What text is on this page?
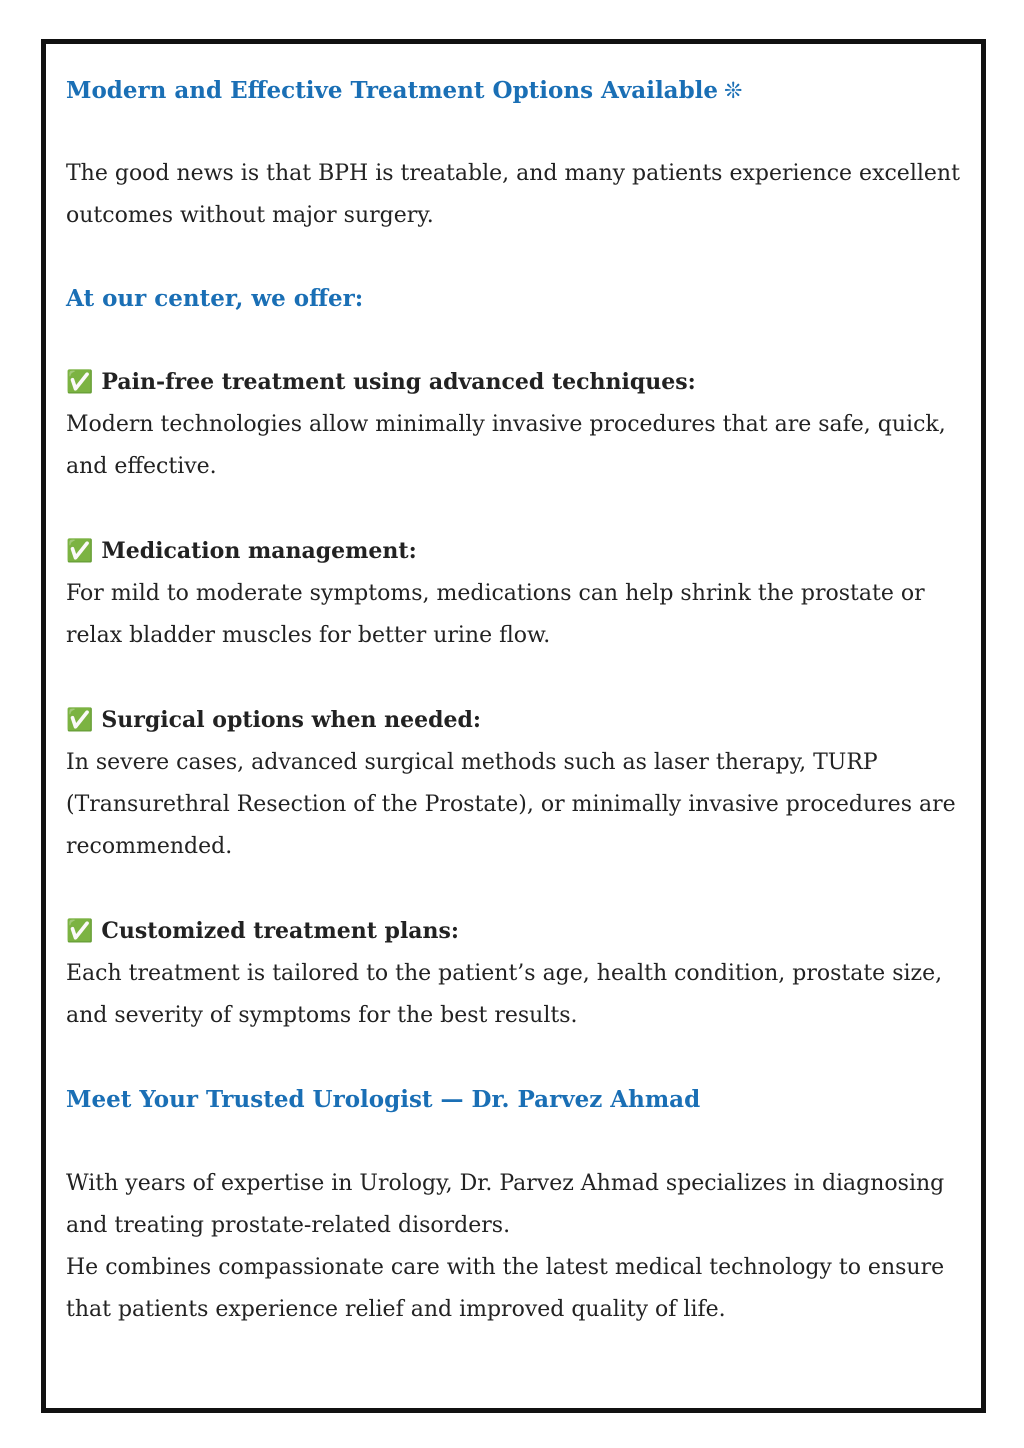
Modern and Effective Treatment Options Available ❊

The good news is that BPH is treatable, and many patients experience excellent
outcomes without major surgery.

At our center, we offer:

✅ Pain-free treatment using advanced techniques:

Modern technologies allow minimally invasive procedures that are safe, quick,
and effective.

✅ Medication management:

For mild to moderate symptoms, medications can help shrink the prostate or
relax bladder muscles for better urine flow.

✅ Surgical options when needed:

In severe cases, advanced surgical methods such as laser therapy, TURP
(Transurethral Resection of the Prostate), or minimally invasive procedures are
recommended.

✅ Customized treatment plans:

Each treatment is tailored to the patient’s age, health condition, prostate size,
and severity of symptoms for the best results.

Meet Your Trusted Urologist — Dr. Parvez Ahmad

With years of expertise in Urology, Dr. Parvez Ahmad specializes in diagnosing
and treating prostate-related disorders.
He combines compassionate care with the latest medical technology to ensure
that patients experience relief and improved quality of life.
